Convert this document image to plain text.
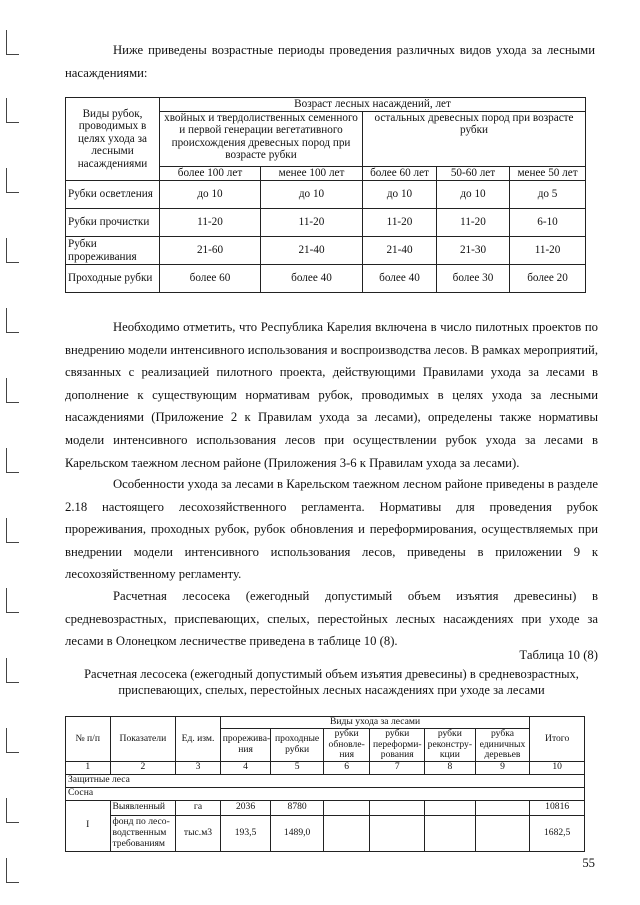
Ниже приведены возрастные периоды проведения различных видов ухода за лесными насаждениями:

Виды рубок, проводимых в целях ухода за лесными насаждениями	Возраст лесных насаждений, лет				
	хвойных и твердолиственных семенного и первой генерации вегетативного происхождения древесных пород при возрасте рубки		остальных древесных пород при возрасте рубки		
	более 100 лет	менее 100 лет	более 60 лет	50-60 лет	менее 50 лет
Рубки осветления	до 10	до 10	до 10	до 10	до 5
Рубки прочистки	11-20	11-20	11-20	11-20	6-10
Рубки прореживания	21-60	21-40	21-40	21-30	11-20
Проходные рубки	более 60	более 40	более 40	более 30	более 20

Необходимо отметить, что Республика Карелия включена в число пилотных проектов по внедрению модели интенсивного использования и воспроизводства лесов. В рамках мероприятий, связанных с реализацией пилотного проекта, действующими Правилами ухода за лесами в дополнение к существующим нормативам рубок, проводимых в целях ухода за лесными насаждениями (Приложение 2 к Правилам ухода за лесами), определены также нормативы модели интенсивного использования лесов при осуществлении рубок ухода за лесами в Карельском таежном лесном районе (Приложения 3-6 к Правилам ухода за лесами).

Особенности ухода за лесами в Карельском таежном лесном районе приведены в разделе 2.18 настоящего лесохозяйственного регламента. Нормативы для проведения рубок прореживания, проходных рубок, рубок обновления и переформирования, осуществляемых при внедрении модели интенсивного использования лесов, приведены в приложении 9 к лесохозяйственному регламенту.

Расчетная лесосека (ежегодный допустимый объем изъятия древесины) в средневозрастных, приспевающих, спелых, перестойных лесных насаждениях при уходе за лесами в Олонецком лесничестве приведена в таблице 10 (8).

Таблица 10 (8)
Расчетная лесосека (ежегодный допустимый объем изъятия древесины) в средневозрастных, приспевающих, спелых, перестойных лесных насаждениях при уходе за лесами
№ п/п	Показатели	Ед. изм.	Виды ухода за лесами						Итого
			прорежива-ния	проходные рубки	рубки обновле-ния	рубки переформи-рования	рубки реконстру-кции	рубка единичных деревьев	
1	2	3	4	5	6	7	8	9	10
Защитные леса									
Сосна									
I	Выявленный	га	2036	8780					10816
	фонд по лесо-водственным требованиям	тыс.м3	193,5	1489,0					1682,5
55
